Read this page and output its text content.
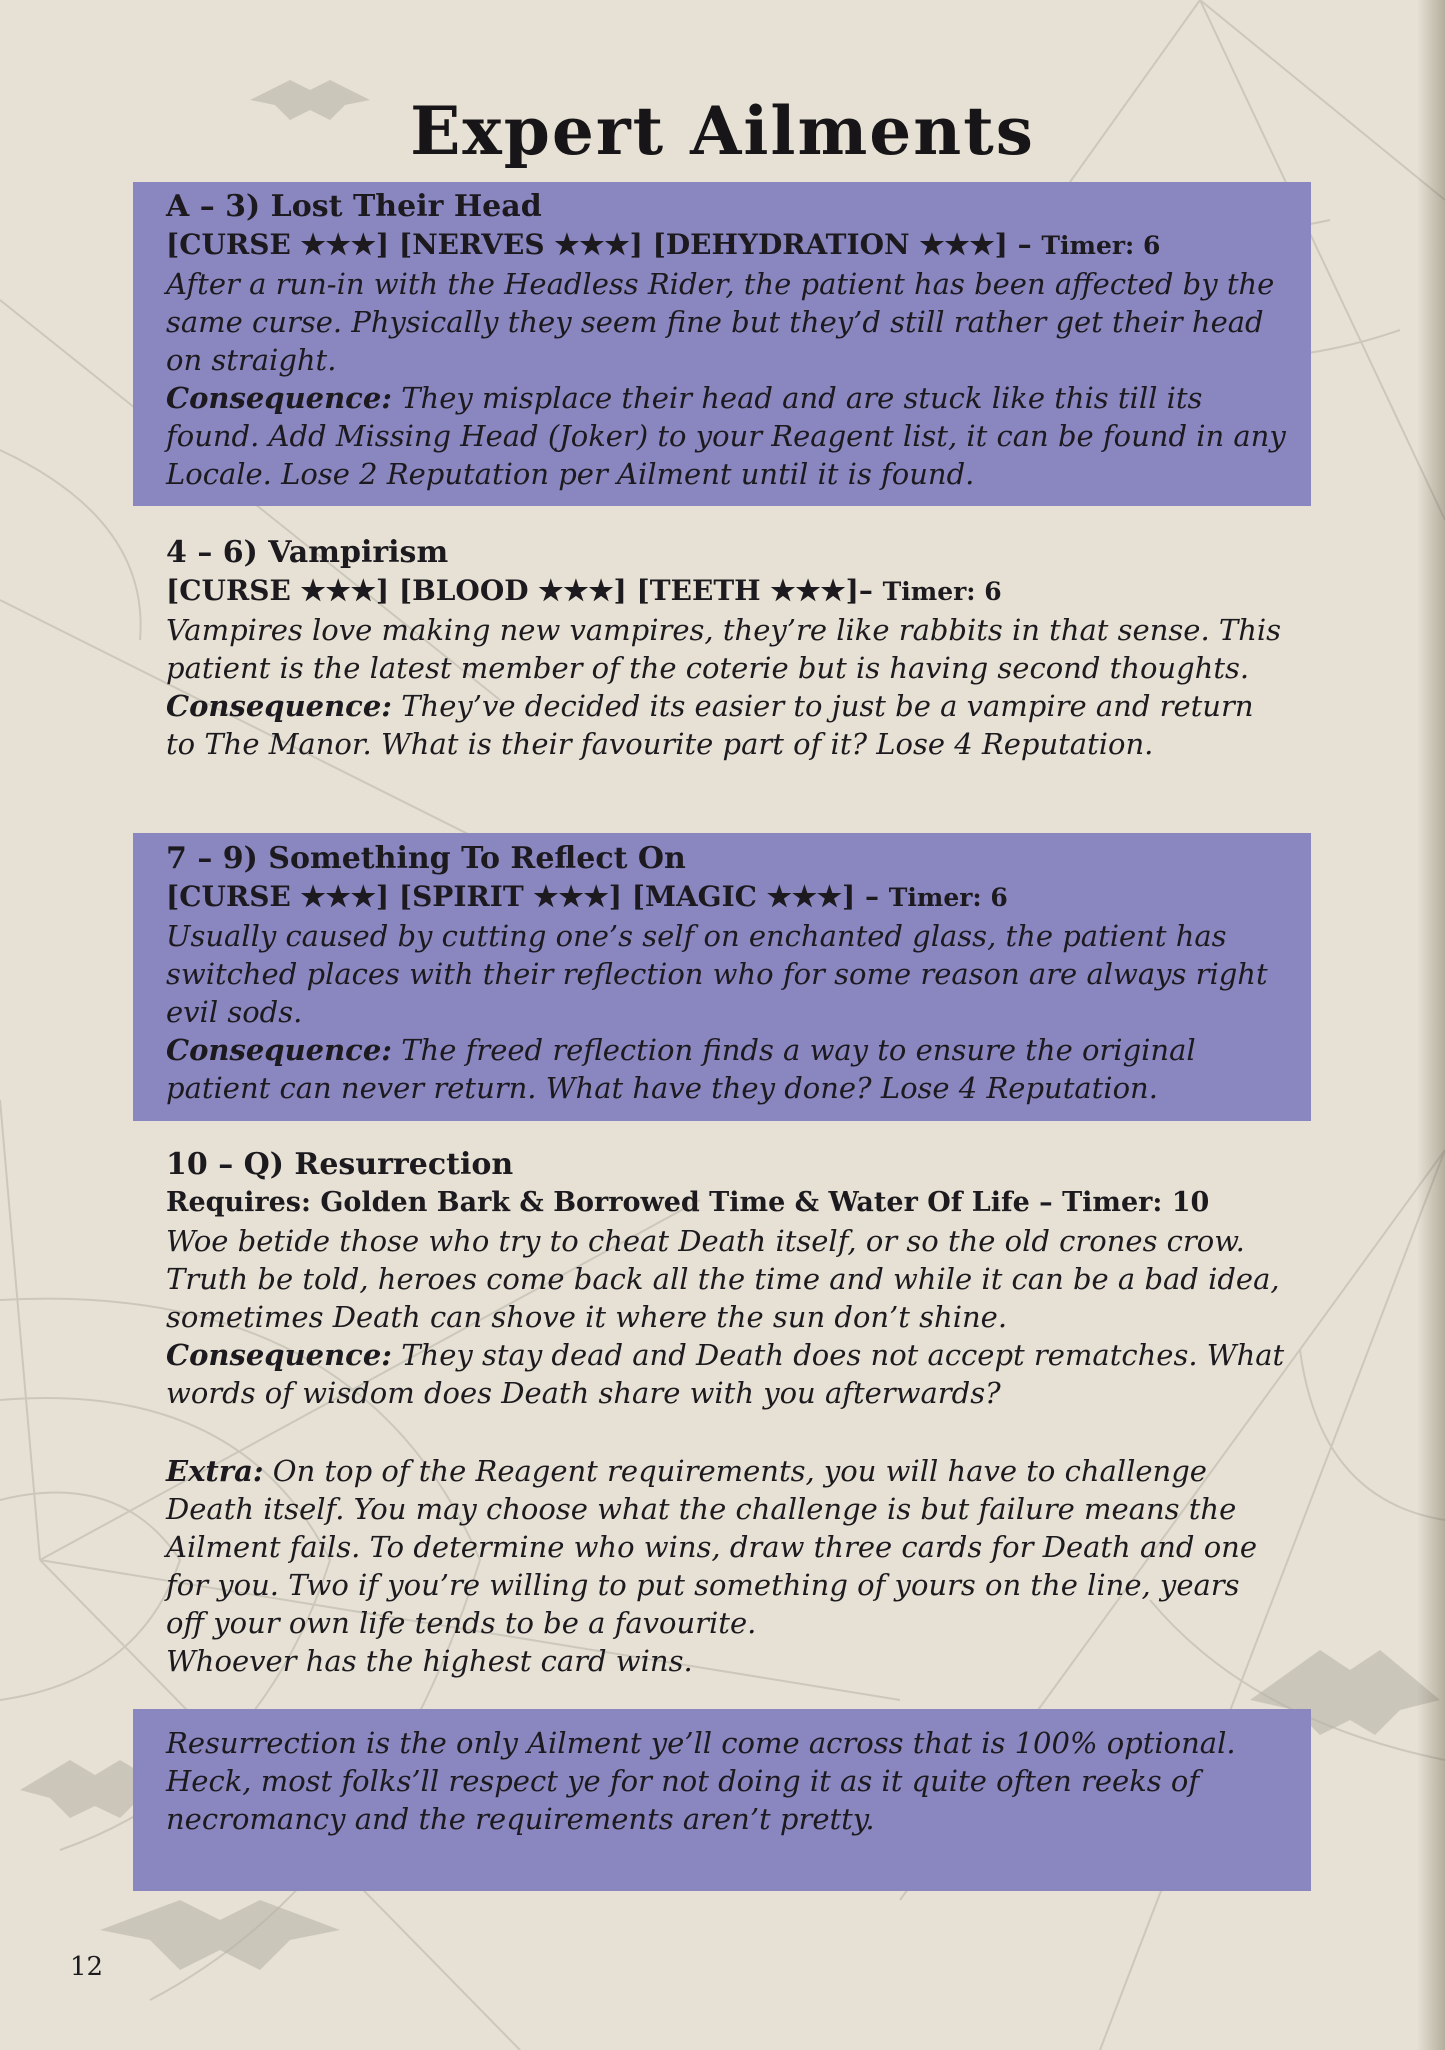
Expert Ailments

A – 3) Lost Their Head

[CURSE ★★★] [NERVES ★★★] [DEHYDRATION ★★★] – Timer: 6

After a run-in with the Headless Rider, the patient has been affected by the same curse. Physically they seem fine but they’d still rather get their head on straight.

Consequence: They misplace their head and are stuck like this till its found. Add Missing Head (Joker) to your Reagent list, it can be found in any Locale. Lose 2 Reputation per Ailment until it is found.

4 – 6) Vampirism

[CURSE ★★★] [BLOOD ★★★] [TEETH ★★★]– Timer: 6

Vampires love making new vampires, they’re like rabbits in that sense. This patient is the latest member of the coterie but is having second thoughts.

Consequence: They’ve decided its easier to just be a vampire and return to The Manor. What is their favourite part of it? Lose 4 Reputation.

7 – 9) Something To Reflect On

[CURSE ★★★] [SPIRIT ★★★] [MAGIC ★★★] – Timer: 6

Usually caused by cutting one’s self on enchanted glass, the patient has switched places with their reflection who for some reason are always right evil sods.

Consequence: The freed reflection finds a way to ensure the original patient can never return. What have they done? Lose 4 Reputation.

10 – Q) Resurrection

Requires: Golden Bark & Borrowed Time & Water Of Life – Timer: 10

Woe betide those who try to cheat Death itself, or so the old crones crow. Truth be told, heroes come back all the time and while it can be a bad idea, sometimes Death can shove it where the sun don’t shine.

Consequence: They stay dead and Death does not accept rematches. What words of wisdom does Death share with you afterwards?

Extra: On top of the Reagent requirements, you will have to challenge Death itself. You may choose what the challenge is but failure means the Ailment fails. To determine who wins, draw three cards for Death and one for you. Two if you’re willing to put something of yours on the line, years off your own life tends to be a favourite.

Whoever has the highest card wins.

Resurrection is the only Ailment ye’ll come across that is 100% optional. Heck, most folks’ll respect ye for not doing it as it quite often reeks of necromancy and the requirements aren’t pretty.

12
